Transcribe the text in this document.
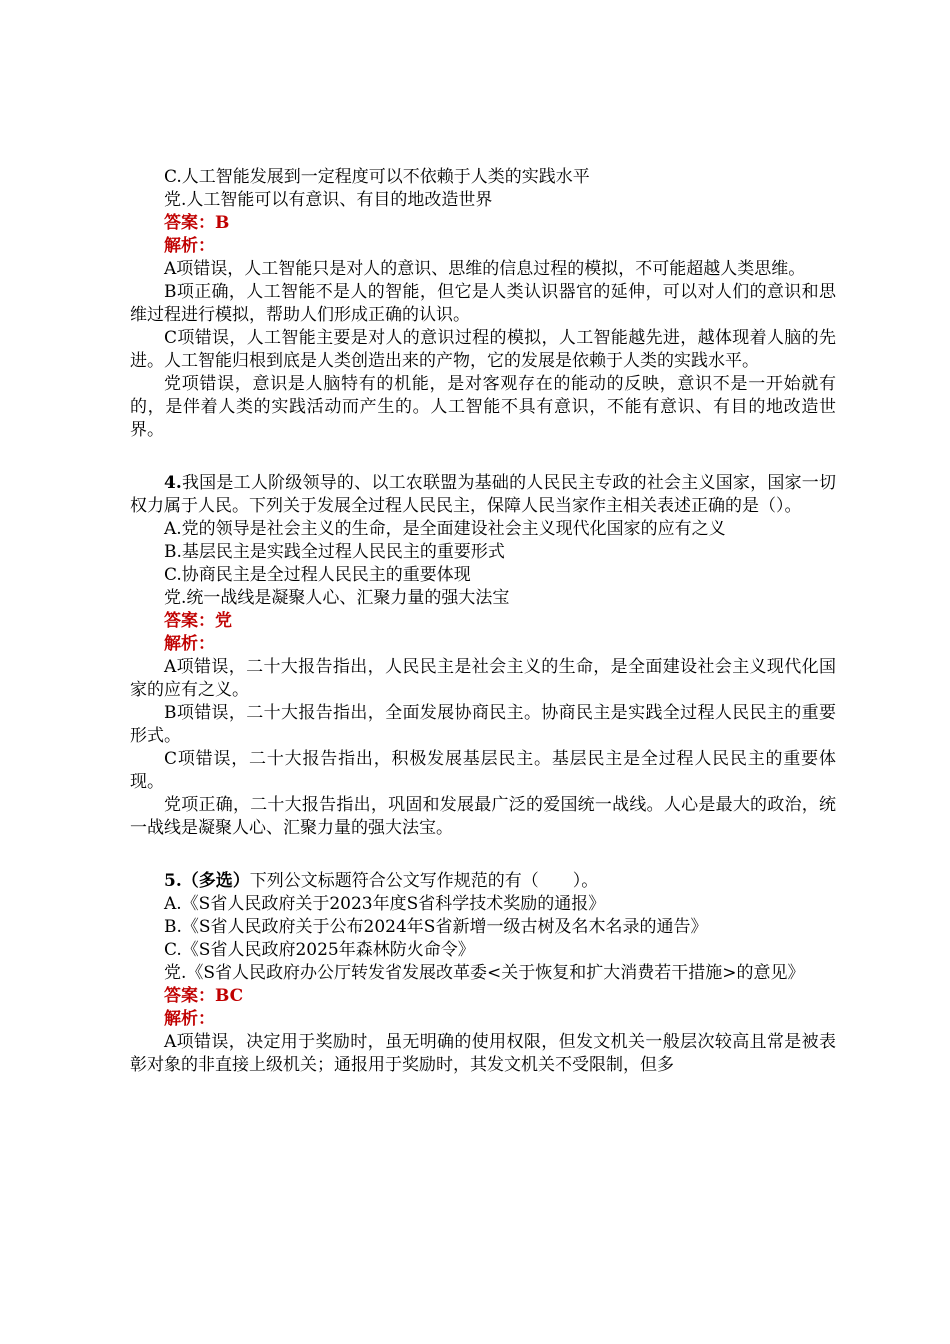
C.人工智能发展到一定程度可以不依赖于人类的实践水平

党.人工智能可以有意识、有目的地改造世界

答案：B

解析：

A项错误，人工智能只是对人的意识、思维的信息过程的模拟，不可能超越人类思维。

B项正确，人工智能不是人的智能，但它是人类认识器官的延伸，可以对人们的意识和思维过程进行模拟，帮助人们形成正确的认识。

C项错误，人工智能主要是对人的意识过程的模拟，人工智能越先进，越体现着人脑的先进。人工智能归根到底是人类创造出来的产物，它的发展是依赖于人类的实践水平。

党项错误，意识是人脑特有的机能，是对客观存在的能动的反映，意识不是一开始就有的，是伴着人类的实践活动而产生的。人工智能不具有意识，不能有意识、有目的地改造世界。

4.我国是工人阶级领导的、以工农联盟为基础的人民民主专政的社会主义国家，国家一切权力属于人民。下列关于发展全过程人民民主，保障人民当家作主相关表述正确的是（）。

A.党的领导是社会主义的生命，是全面建设社会主义现代化国家的应有之义

B.基层民主是实践全过程人民民主的重要形式

C.协商民主是全过程人民民主的重要体现

党.统一战线是凝聚人心、汇聚力量的强大法宝

答案：党

解析：

A项错误，二十大报告指出，人民民主是社会主义的生命，是全面建设社会主义现代化国家的应有之义。

B项错误，二十大报告指出，全面发展协商民主。协商民主是实践全过程人民民主的重要形式。

C项错误，二十大报告指出，积极发展基层民主。基层民主是全过程人民民主的重要体现。

党项正确，二十大报告指出，巩固和发展最广泛的爱国统一战线。人心是最大的政治，统一战线是凝聚人心、汇聚力量的强大法宝。

5.（多选）下列公文标题符合公文写作规范的有（　　）。

A.《S省人民政府关于2023年度S省科学技术奖励的通报》

B.《S省人民政府关于公布2024年S省新增一级古树及名木名录的通告》

C.《S省人民政府2025年森林防火命令》

党.《S省人民政府办公厅转发省发展改革委<关于恢复和扩大消费若干措施>的意见》

答案：BC

解析：

A项错误，决定用于奖励时，虽无明确的使用权限，但发文机关一般层次较高且常是被表彰对象的非直接上级机关；通报用于奖励时，其发文机关不受限制，但多
